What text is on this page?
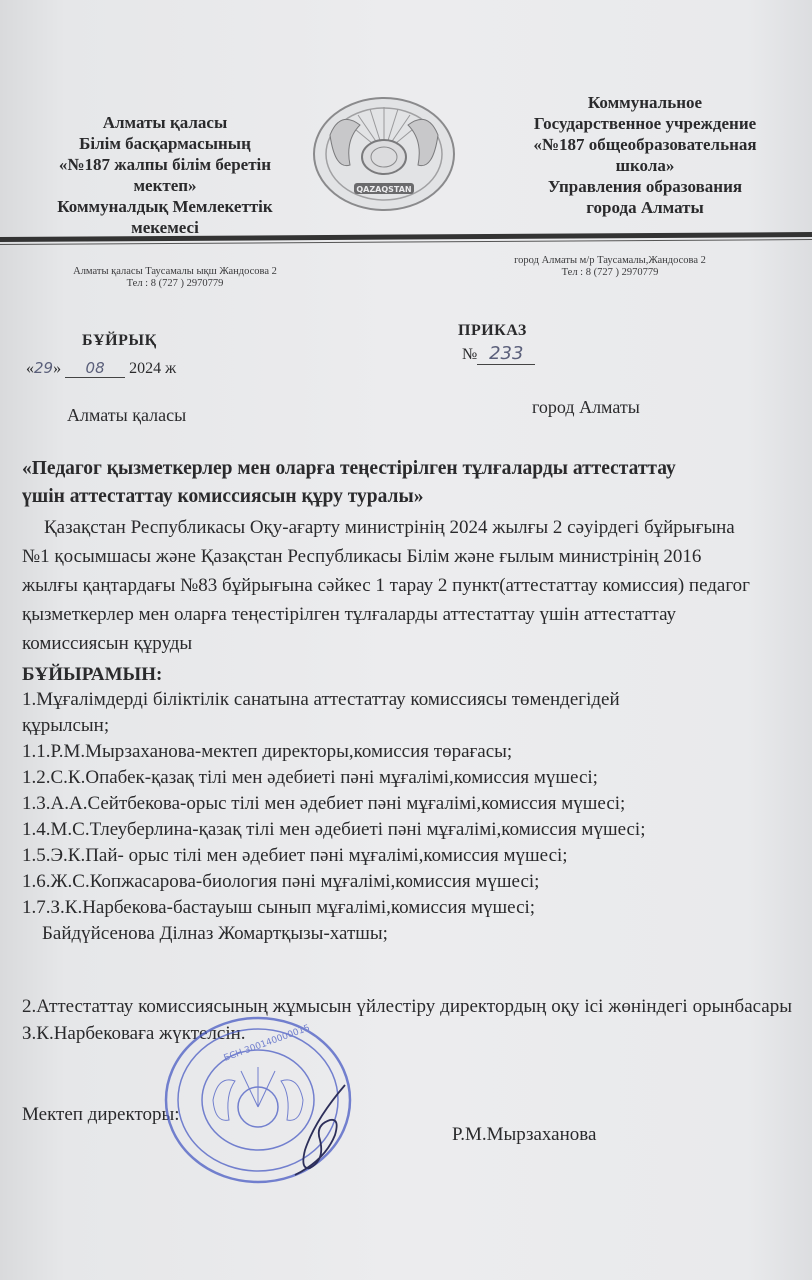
Алматы қаласы
Білім басқармасының
«№187 жалпы білім беретін
мектеп»
Коммуналдық Мемлекеттік
мекемесі
QAZAQSTAN
Коммунальное
Государственное учреждение
«№187 общеобразовательная
школа»
Управления образования
города Алматы
Алматы қаласы Таусамалы ықш Жандосова 2
Тел : 8 (727 ) 2970779
город Алматы м/р Таусамалы,Жандосова 2
Тел : 8 (727 ) 2970779
БҰЙРЫҚ
ПРИКАЗ
«29» 08 2024 ж
№ 233
Алматы қаласы	город Алматы
«Педагог қызметкерлер мен оларға теңестірілген тұлғаларды аттестаттау
үшін аттестаттау комиссиясын құру туралы»
Қазақстан Республикасы Оқу-ағарту министрінің 2024 жылғы 2 сәуірдегі бұйрығына №1 қосымшасы және Қазақстан Республикасы Білім және ғылым министрінің 2016 жылғы қаңтардағы №83 бұйрығына сәйкес 1 тарау 2 пункт(аттестаттау комиссия) педагог қызметкерлер мен оларға теңестірілген тұлғаларды аттестаттау үшін аттестаттау комиссиясын құруды
БҰЙЫРАМЫН:
1.Мұғалімдерді біліктілік санатына аттестаттау комиссиясы төмендегідей
құрылсын;
1.1.Р.М.Мырзаханова-мектеп директоры,комиссия төрағасы;
1.2.С.К.Опабек-қазақ тілі мен әдебиеті пәні мұғалімі,комиссия мүшесі;
1.3.А.А.Сейтбекова-орыс тілі мен әдебиет пәні мұғалімі,комиссия мүшесі;
1.4.М.С.Тлеуберлина-қазақ тілі мен әдебиеті пәні мұғалімі,комиссия мүшесі;
1.5.Э.К.Пай- орыс тілі мен әдебиет пәні мұғалімі,комиссия мүшесі;
1.6.Ж.С.Копжасарова-биология пәні мұғалімі,комиссия мүшесі;
1.7.З.К.Нарбекова-бастауыш сынып мұғалімі,комиссия мүшесі;
Байдүйсенова Ділназ Жомартқызы-хатшы;
2.Аттестаттау комиссиясының жұмысын үйлестіру директордың оқу ісі жөніндегі орынбасары З.К.Нарбековаға жүктелсін.
Мектеп директоры:
БСН 300140000015
Р.М.Мырзаханова
